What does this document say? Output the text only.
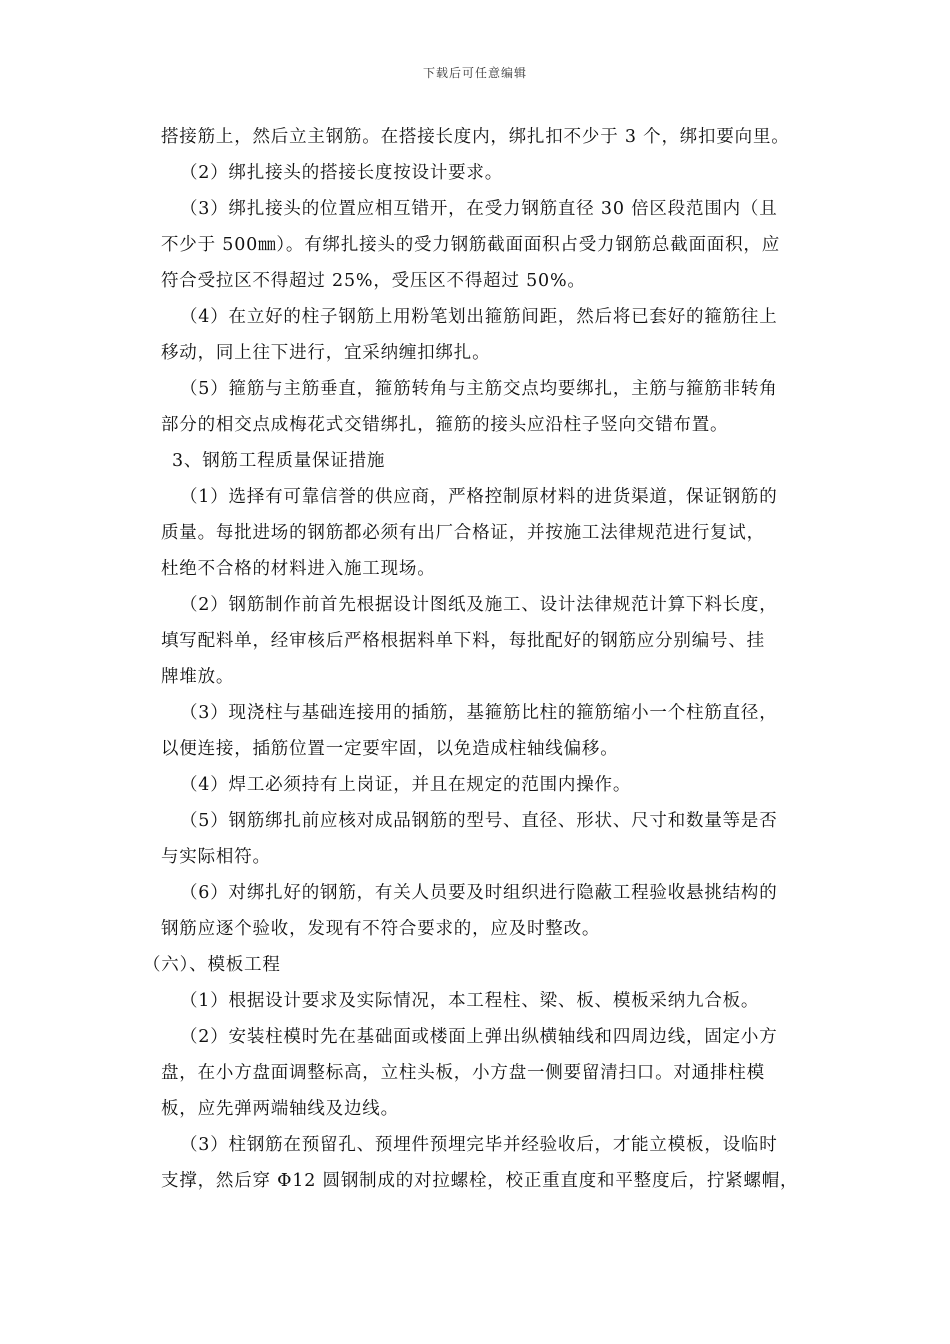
下载后可任意编辑
搭接筋上，然后立主钢筋。在搭接长度内，绑扎扣不少于 3 个，绑扣要向里。
（2）绑扎接头的搭接长度按设计要求。
（3）绑扎接头的位置应相互错开，在受力钢筋直径 30 倍区段范围内（且
不少于 500㎜）。有绑扎接头的受力钢筋截面面积占受力钢筋总截面面积，应
符合受拉区不得超过 25%，受压区不得超过 50%。
（4）在立好的柱子钢筋上用粉笔划出箍筋间距，然后将已套好的箍筋往上
移动，同上往下进行，宜采纳缠扣绑扎。
（5）箍筋与主筋垂直，箍筋转角与主筋交点均要绑扎，主筋与箍筋非转角
部分的相交点成梅花式交错绑扎，箍筋的接头应沿柱子竖向交错布置。
3、钢筋工程质量保证措施
（1）选择有可靠信誉的供应商，严格控制原材料的进货渠道，保证钢筋的
质量。每批进场的钢筋都必须有出厂合格证，并按施工法律规范进行复试，
杜绝不合格的材料进入施工现场。
（2）钢筋制作前首先根据设计图纸及施工、设计法律规范计算下料长度，
填写配料单，经审核后严格根据料单下料，每批配好的钢筋应分别编号、挂
牌堆放。
（3）现浇柱与基础连接用的插筋，基箍筋比柱的箍筋缩小一个柱筋直径，
以便连接，插筋位置一定要牢固，以免造成柱轴线偏移。
（4）焊工必须持有上岗证，并且在规定的范围内操作。
（5）钢筋绑扎前应核对成品钢筋的型号、直径、形状、尺寸和数量等是否
与实际相符。
（6）对绑扎好的钢筋，有关人员要及时组织进行隐蔽工程验收悬挑结构的
钢筋应逐个验收，发现有不符合要求的，应及时整改。
（六）、模板工程
（1）根据设计要求及实际情况，本工程柱、梁、板、模板采纳九合板。
（2）安装柱模时先在基础面或楼面上弹出纵横轴线和四周边线，固定小方
盘，在小方盘面调整标高，立柱头板，小方盘一侧要留清扫口。对通排柱模
板，应先弹两端轴线及边线。
（3）柱钢筋在预留孔、预埋件预埋完毕并经验收后，才能立模板，设临时
支撑，然后穿 Φ12 圆钢制成的对拉螺栓，校正重直度和平整度后，拧紧螺帽，
